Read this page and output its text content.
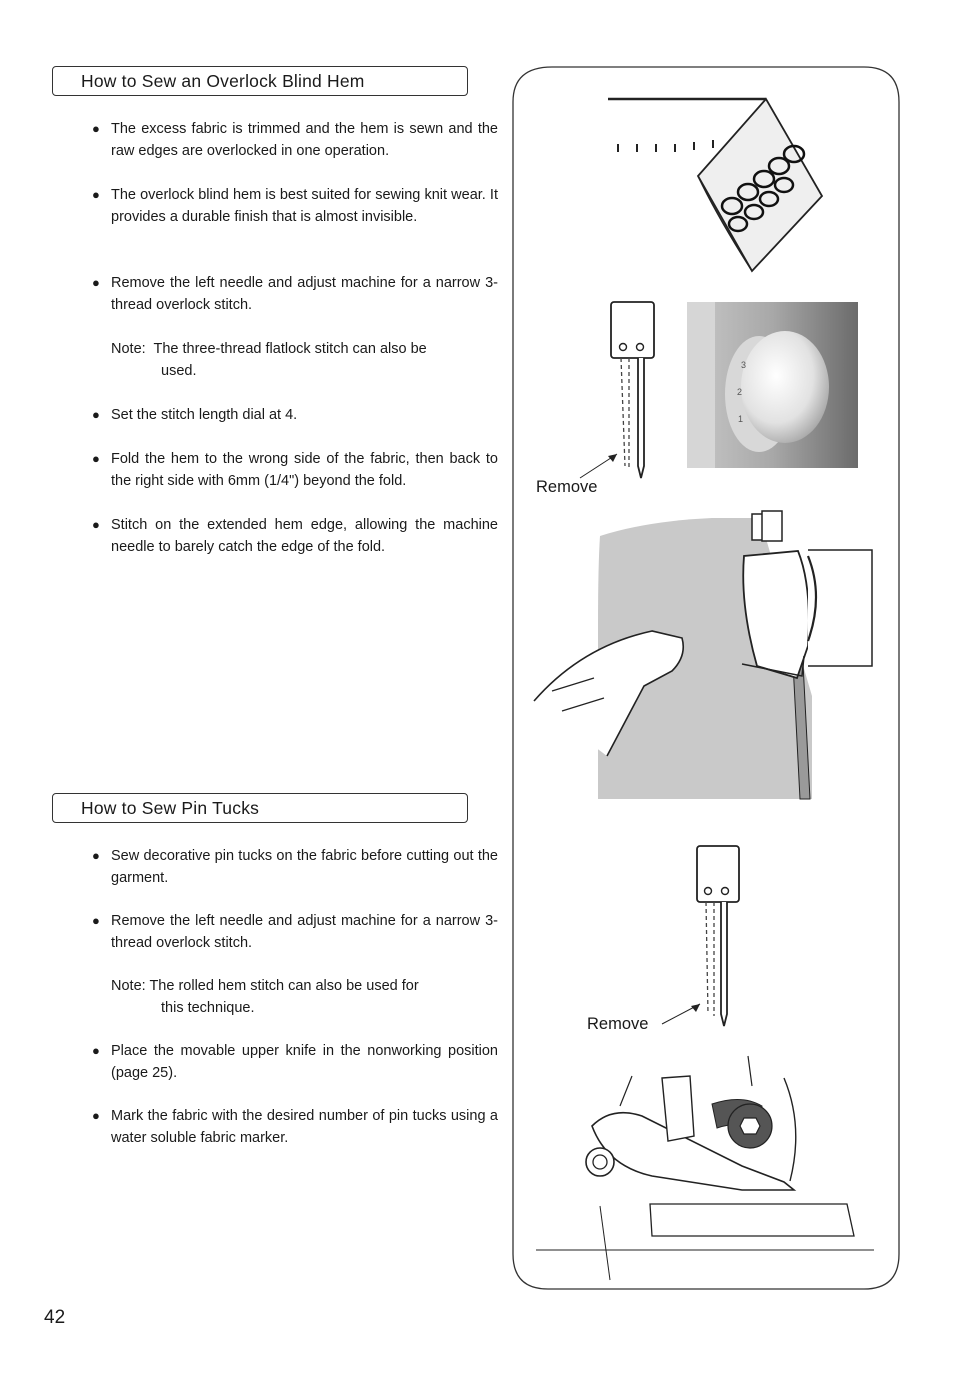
How to Sew an Overlock Blind Hem
● The excess fabric is trimmed and the hem is sewn and the raw edges are overlocked in one operation.
● The overlock blind hem is best suited for sewing knit wear. It provides a durable finish that is almost invisible.
● Remove the left needle and adjust machine for a narrow 3-thread overlock stitch.
Note: The three-thread flatlock stitch can also be
used.
● Set the stitch length dial at 4.
● Fold the hem to the wrong side of the fabric, then back to the right side with 6mm (1/4") beyond the fold.
● Stitch on the extended hem edge, allowing the machine needle to barely catch the edge of the fold.
How to Sew Pin Tucks
● Sew decorative pin tucks on the fabric before cutting out the garment.
● Remove the left needle and adjust machine for a narrow 3-thread overlock stitch.
Note: The rolled hem stitch can also be used for
this technique.
● Place the movable upper knife in the nonworking position (page 25).
● Mark the fabric with the desired number of pin tucks using a water soluble fabric marker.
3
2
1
Remove
Remove
42
